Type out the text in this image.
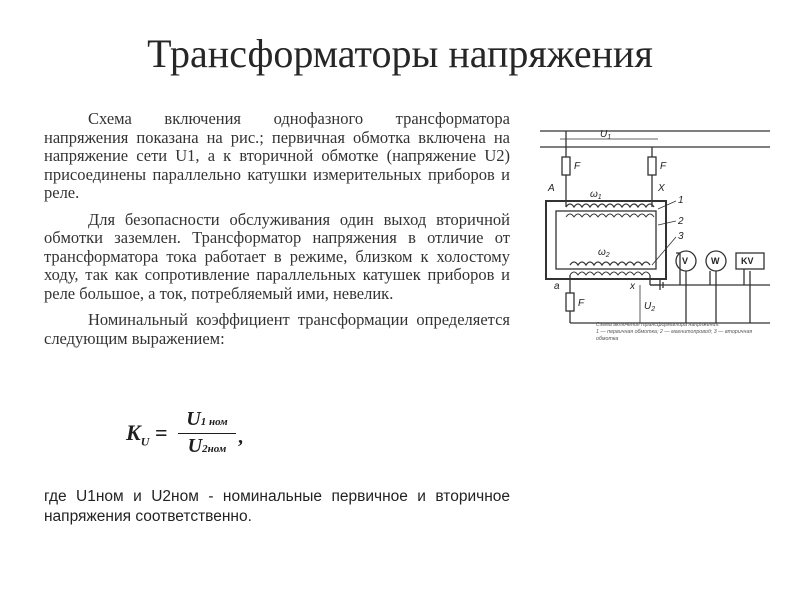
Трансформаторы напряжения

Схема включения однофазного трансформатора напряжения показана на рис.; первичная обмотка включена на напряжение сети U1, а к вторичной обмотке (напряжение U2) присоединены параллельно катушки измерительных приборов и реле.

Для безопасности обслуживания один выход вторичной обмотки заземлен. Трансформатор напряжения в отличие от трансформатора тока работает в режиме, близком к холостому ходу, так как сопротивление параллельных катушек приборов и реле большое, а ток, потребляемый ими, невелик.

Номинальный коэффициент трансформации определяется следующим выражением:

$K_U$ =
U1 ном
U2ном
,
где U1ном и U2ном - номинальные первичное и вторичное напряжения соответственно.
$U_1$
F	F
A	X
$\omega_1$
$\omega_2$
1
2
3
a	x
F	$U_2$
V	W KV
Схема включения трансформатора напряжения:
1 — первичная обмотка; 2 — магнитопровод; 3 — вторичная обмотка
